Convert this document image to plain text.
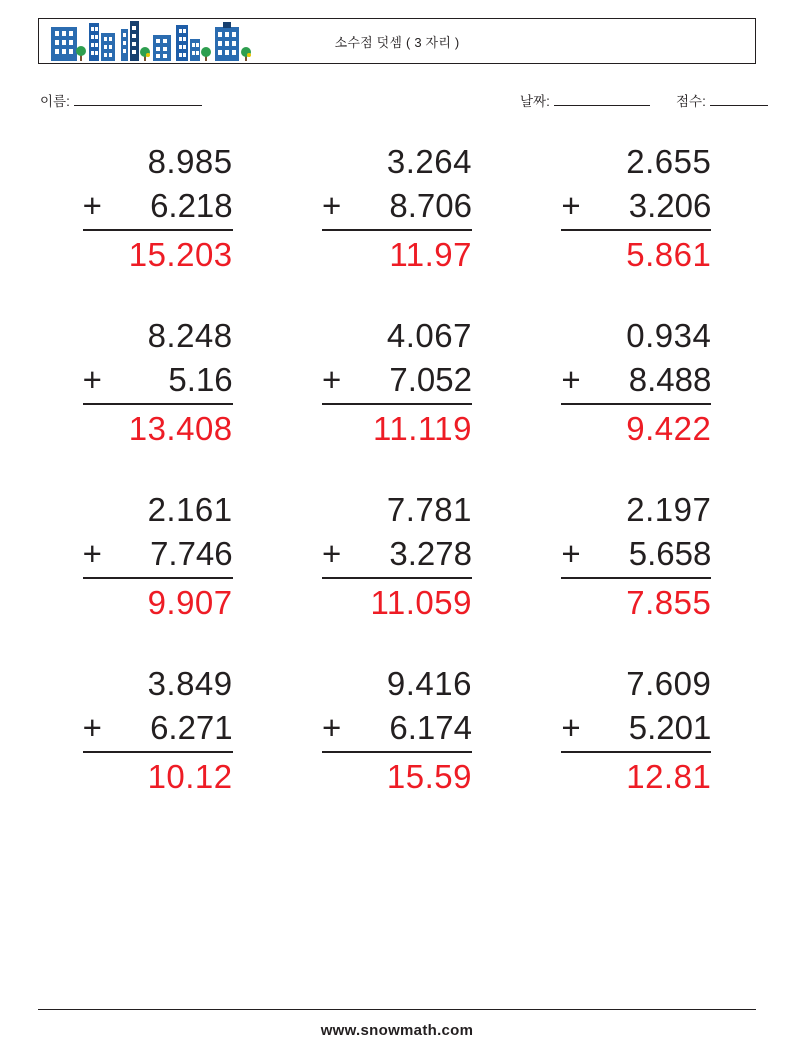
소수점 덧셈 ( 3 자리 )
이름:	날짜:	점수:
8.985
+ 6.218
15.203
3.264
+ 8.706
11.97
2.655
+ 3.206
5.861
8.248
+ 5.16
13.408
4.067
+ 7.052
11.119
0.934
+ 8.488
9.422
2.161
+ 7.746
9.907
7.781
+ 3.278
11.059
2.197
+ 5.658
7.855
3.849
+ 6.271
10.12
9.416
+ 6.174
15.59
7.609
+ 5.201
12.81
www.snowmath.com
